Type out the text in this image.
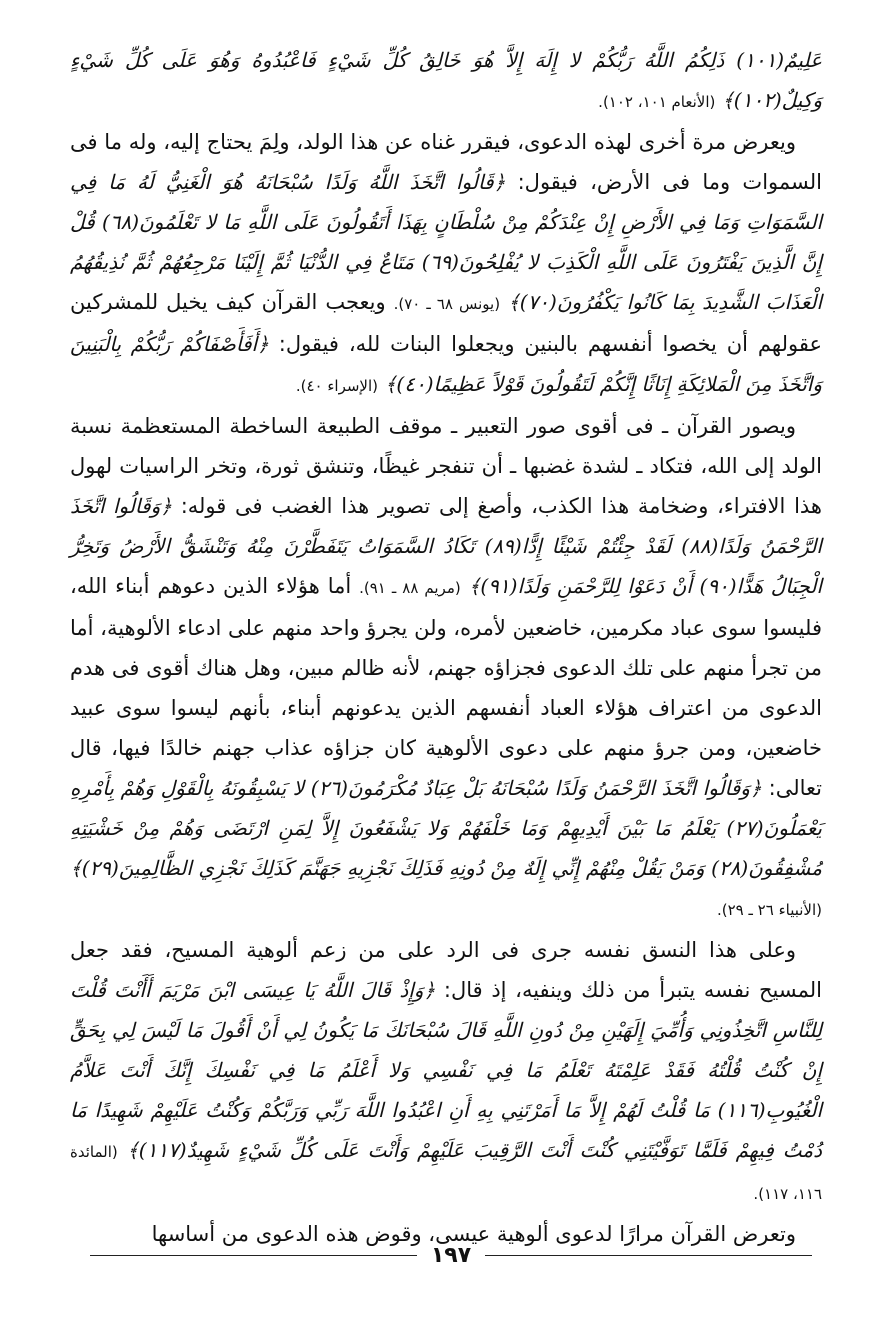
عَلِيمٌ(١٠١) ذَلِكُمُ اللَّهُ رَبُّكُمْ لا إِلَهَ إِلاَّ هُوَ خَالِقُ كُلِّ شَيْءٍ فَاعْبُدُوهُ وَهُوَ عَلَى كُلِّ شَيْءٍ وَكِيلٌ(١٠٢)﴾ (الأنعام ١٠١، ١٠٢).

ويعرض مرة أخرى لهذه الدعوى، فيقرر غناه عن هذا الولد، ولِمَ يحتاج إليه، وله ما فى السموات وما فى الأرض، فيقول: ﴿قَالُوا اتَّخَذَ اللَّهُ وَلَدًا سُبْحَانَهُ هُوَ الْغَنِيُّ لَهُ مَا فِي السَّمَوَاتِ وَمَا فِي الأَرْضِ إِنْ عِنْدَكُمْ مِنْ سُلْطَانٍ بِهَذَا أَتَقُولُونَ عَلَى اللَّهِ مَا لا تَعْلَمُونَ(٦٨) قُلْ إِنَّ الَّذِينَ يَفْتَرُونَ عَلَى اللَّهِ الْكَذِبَ لا يُفْلِحُونَ(٦٩) مَتَاعٌ فِي الدُّنْيَا ثُمَّ إِلَيْنَا مَرْجِعُهُمْ ثُمَّ نُذِيقُهُمُ الْعَذَابَ الشَّدِيدَ بِمَا كَانُوا يَكْفُرُونَ(٧٠)﴾ (يونس ٦٨ ـ ٧٠). ويعجب القرآن كيف يخيل للمشركين عقولهم أن يخصوا أنفسهم بالبنين ويجعلوا البنات لله، فيقول: ﴿أَفَأَصْفَاكُمْ رَبُّكُمْ بِالْبَنِينَ وَاتَّخَذَ مِنَ الْمَلائِكَةِ إِنَاثًا إِنَّكُمْ لَتَقُولُونَ قَوْلاً عَظِيمًا(٤٠)﴾ (الإسراء ٤٠).

ويصور القرآن ـ فى أقوى صور التعبير ـ موقف الطبيعة الساخطة المستعظمة نسبة الولد إلى الله، فتكاد ـ لشدة غضبها ـ أن تنفجر غيظًا، وتنشق ثورة، وتخر الراسيات لهول هذا الافتراء، وضخامة هذا الكذب، وأصغ إلى تصوير هذا الغضب فى قوله: ﴿وَقَالُوا اتَّخَذَ الرَّحْمَنُ وَلَدًا(٨٨) لَقَدْ جِئْتُمْ شَيْئًا إِدًّا(٨٩) تَكَادُ السَّمَوَاتُ يَتَفَطَّرْنَ مِنْهُ وَتَنْشَقُّ الأَرْضُ وَتَخِرُّ الْجِبَالُ هَدًّا(٩٠) أَنْ دَعَوْا لِلرَّحْمَنِ وَلَدًا(٩١)﴾ (مريم ٨٨ ـ ٩١). أما هؤلاء الذين دعوهم أبناء الله، فليسوا سوى عباد مكرمين، خاضعين لأمره، ولن يجرؤ واحد منهم على ادعاء الألوهية، أما من تجرأ منهم على تلك الدعوى فجزاؤه جهنم، لأنه ظالم مبين، وهل هناك أقوى فى هدم الدعوى من اعتراف هؤلاء العباد أنفسهم الذين يدعونهم أبناء، بأنهم ليسوا سوى عبيد خاضعين، ومن جرؤ منهم على دعوى الألوهية كان جزاؤه عذاب جهنم خالدًا فيها، قال تعالى: ﴿وَقَالُوا اتَّخَذَ الرَّحْمَنُ وَلَدًا سُبْحَانَهُ بَلْ عِبَادٌ مُكْرَمُونَ(٢٦) لا يَسْبِقُونَهُ بِالْقَوْلِ وَهُمْ بِأَمْرِهِ يَعْمَلُونَ(٢٧) يَعْلَمُ مَا بَيْنَ أَيْدِيهِمْ وَمَا خَلْفَهُمْ وَلا يَشْفَعُونَ إِلاَّ لِمَنِ ارْتَضَى وَهُمْ مِنْ خَشْيَتِهِ مُشْفِقُونَ(٢٨) وَمَنْ يَقُلْ مِنْهُمْ إِنِّي إِلَهٌ مِنْ دُونِهِ فَذَلِكَ نَجْزِيهِ جَهَنَّمَ كَذَلِكَ نَجْزِي الظَّالِمِينَ(٢٩)﴾ (الأنبياء ٢٦ ـ ٢٩).

وعلى هذا النسق نفسه جرى فى الرد على من زعم ألوهية المسيح، فقد جعل المسيح نفسه يتبرأ من ذلك وينفيه، إذ قال: ﴿وَإِذْ قَالَ اللَّهُ يَا عِيسَى ابْنَ مَرْيَمَ أَأَنْتَ قُلْتَ لِلنَّاسِ اتَّخِذُونِي وَأُمِّيَ إِلَهَيْنِ مِنْ دُونِ اللَّهِ قَالَ سُبْحَانَكَ مَا يَكُونُ لِي أَنْ أَقُولَ مَا لَيْسَ لِي بِحَقٍّ إِنْ كُنْتُ قُلْتُهُ فَقَدْ عَلِمْتَهُ تَعْلَمُ مَا فِي نَفْسِي وَلا أَعْلَمُ مَا فِي نَفْسِكَ إِنَّكَ أَنْتَ عَلاَّمُ الْغُيُوبِ(١١٦) مَا قُلْتُ لَهُمْ إِلاَّ مَا أَمَرْتَنِي بِهِ أَنِ اعْبُدُوا اللَّهَ رَبِّي وَرَبَّكُمْ وَكُنْتُ عَلَيْهِمْ شَهِيدًا مَا دُمْتُ فِيهِمْ فَلَمَّا تَوَفَّيْتَنِي كُنْتَ أَنْتَ الرَّقِيبَ عَلَيْهِمْ وَأَنْتَ عَلَى كُلِّ شَيْءٍ شَهِيدٌ(١١٧)﴾ (المائدة ١١٦، ١١٧).

وتعرض القرآن مرارًا لدعوى ألوهية عيسى، وقوض هذه الدعوى من أساسها

١٩٧
